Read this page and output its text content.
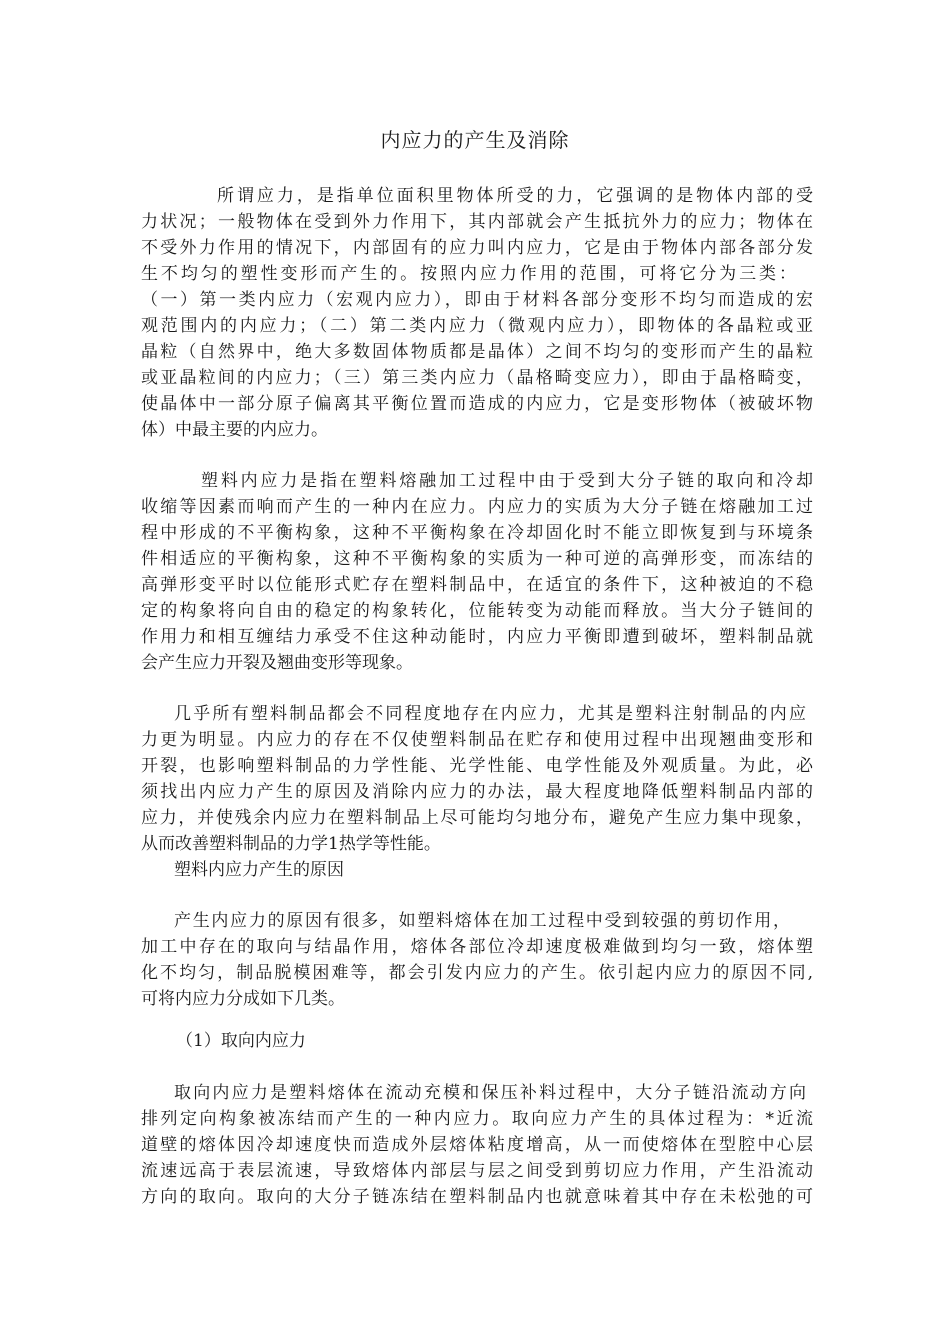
内应力的产生及消除
所谓应力，是指单位面积里物体所受的力，它强调的是物体内部的受
力状况；一般物体在受到外力作用下，其内部就会产生抵抗外力的应力；物体在
不受外力作用的情况下，内部固有的应力叫内应力，它是由于物体内部各部分发
生不均匀的塑性变形而产生的。按照内应力作用的范围，可将它分为三类：
（一）第一类内应力（宏观内应力），即由于材料各部分变形不均匀而造成的宏
观范围内的内应力；（二）第二类内应力（微观内应力），即物体的各晶粒或亚
晶粒（自然界中，绝大多数固体物质都是晶体）之间不均匀的变形而产生的晶粒
或亚晶粒间的内应力；（三）第三类内应力（晶格畸变应力），即由于晶格畸变，
使晶体中一部分原子偏离其平衡位置而造成的内应力，它是变形物体（被破坏物
体）中最主要的内应力。
塑料内应力是指在塑料熔融加工过程中由于受到大分子链的取向和冷却
收缩等因素而响而产生的一种内在应力。内应力的实质为大分子链在熔融加工过
程中形成的不平衡构象，这种不平衡构象在冷却固化时不能立即恢复到与环境条
件相适应的平衡构象，这种不平衡构象的实质为一种可逆的高弹形变，而冻结的
高弹形变平时以位能形式贮存在塑料制品中，在适宜的条件下，这种被迫的不稳
定的构象将向自由的稳定的构象转化，位能转变为动能而释放。当大分子链间的
作用力和相互缠结力承受不住这种动能时，内应力平衡即遭到破坏，塑料制品就
会产生应力开裂及翘曲变形等现象。
几乎所有塑料制品都会不同程度地存在内应力，尤其是塑料注射制品的内应
力更为明显。内应力的存在不仅使塑料制品在贮存和使用过程中出现翘曲变形和
开裂，也影响塑料制品的力学性能、光学性能、电学性能及外观质量。为此，必
须找出内应力产生的原因及消除内应力的办法，最大程度地降低塑料制品内部的
应力，并使残余内应力在塑料制品上尽可能均匀地分布，避免产生应力集中现象，
从而改善塑料制品的力学1热学等性能。
塑料内应力产生的原因
产生内应力的原因有很多，如塑料熔体在加工过程中受到较强的剪切作用，
加工中存在的取向与结晶作用，熔体各部位冷却速度极难做到均匀一致，熔体塑
化不均匀，制品脱模困难等，都会引发内应力的产生。依引起内应力的原因不同,
可将内应力分成如下几类。
（1）取向内应力
取向内应力是塑料熔体在流动充模和保压补料过程中，大分子链沿流动方向
排列定向构象被冻结而产生的一种内应力。取向应力产生的具体过程为：*近流
道壁的熔体因冷却速度快而造成外层熔体粘度增高，从一而使熔体在型腔中心层
流速远高于表层流速，导致熔体内部层与层之间受到剪切应力作用，产生沿流动
方向的取向。取向的大分子链冻结在塑料制品内也就意味着其中存在未松弛的可
